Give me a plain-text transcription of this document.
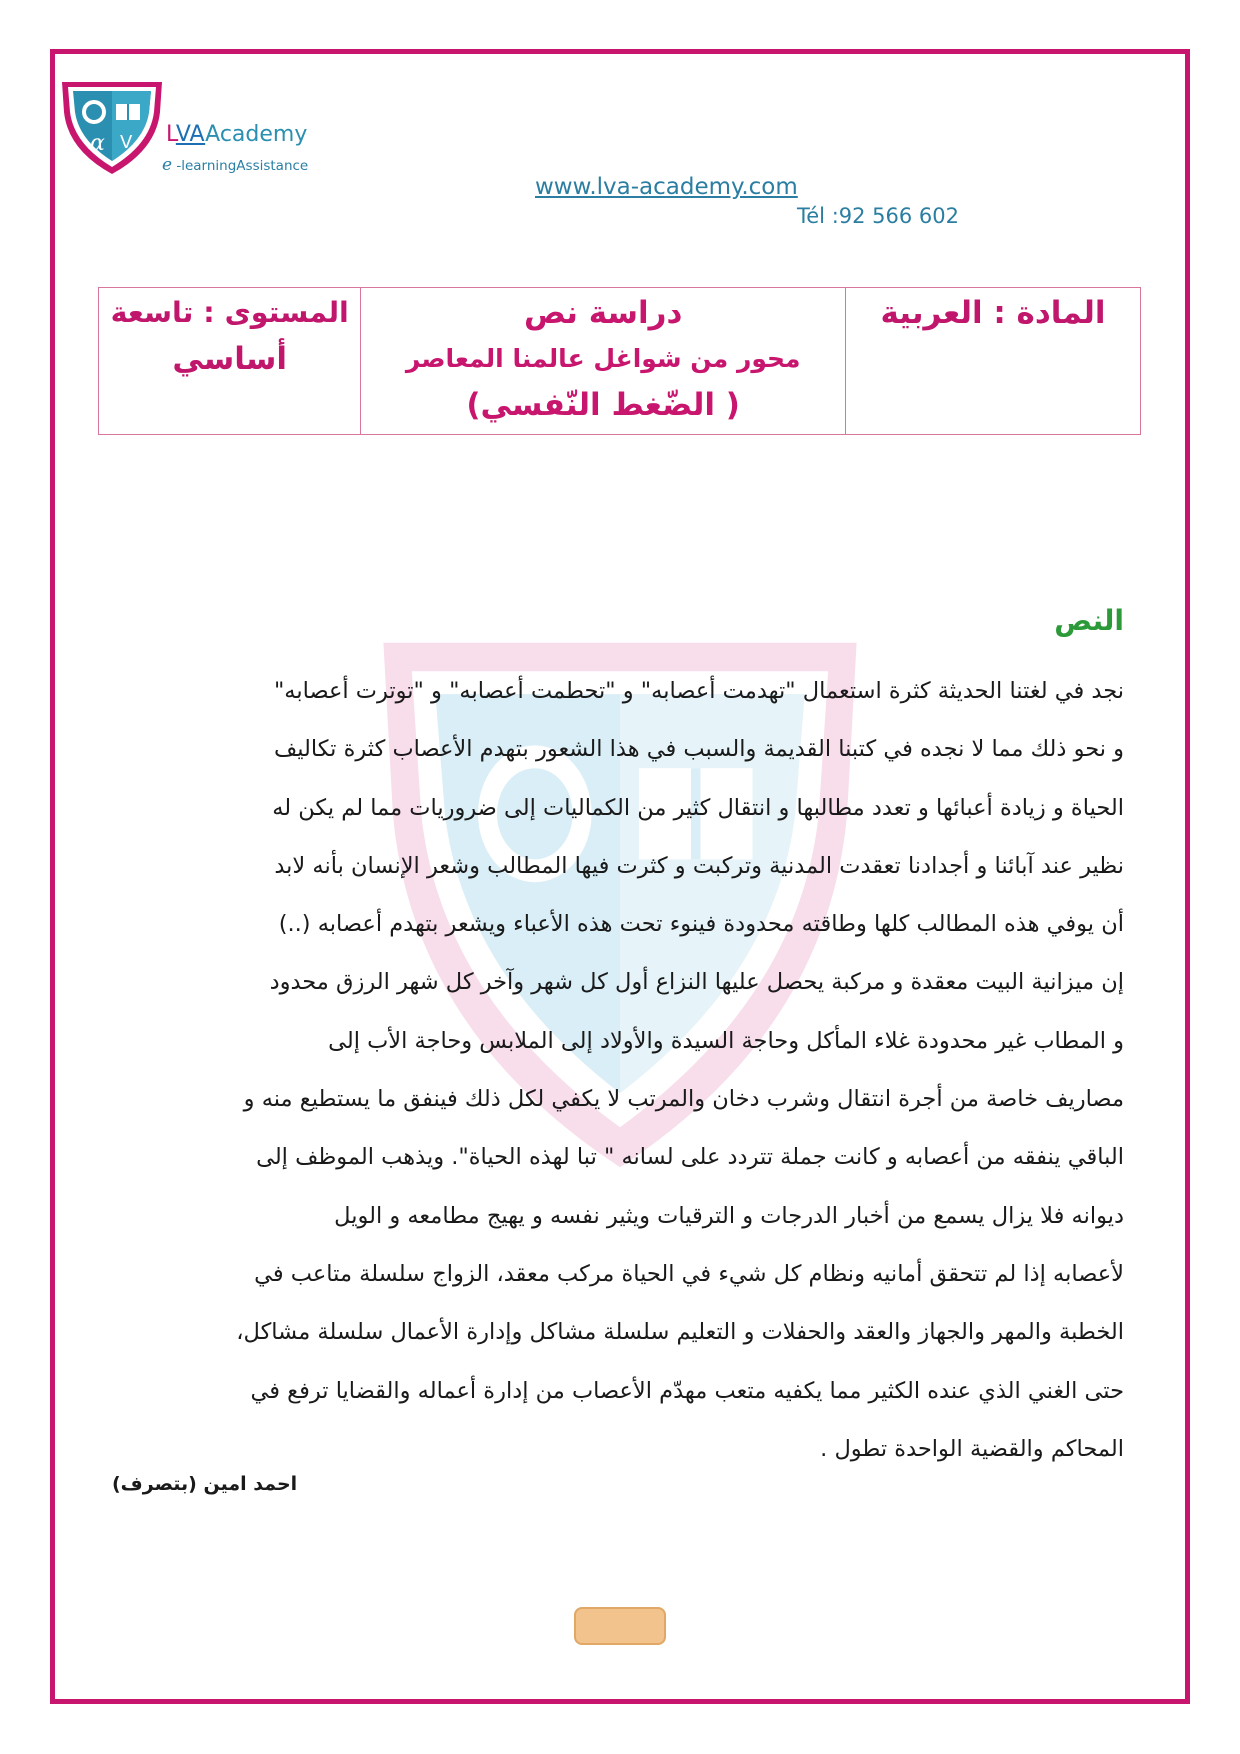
α V LVAAcademy
e -learningAssistance
www.lva-academy.com
Tél :92 566 602
المادة : العربية

دراسة نص
محور من شواغل عالمنا المعاصر
( الضّغط النّفسي)

المستوى : تاسعة
أساسي
النص
نجد في لغتنا الحديثة كثرة استعمال "تهدمت أعصابه" و "تحطمت أعصابه" و "توترت أعصابه"
و نحو ذلك مما لا نجده في كتبنا القديمة والسبب في هذا الشعور بتهدم الأعصاب كثرة تكاليف
الحياة و زيادة أعبائها و تعدد مطالبها و انتقال كثير من الكماليات إلى ضروريات مما لم يكن له
نظير عند آبائنا و أجدادنا تعقدت المدنية وتركبت و كثرت فيها المطالب وشعر الإنسان بأنه لابد
أن يوفي هذه المطالب كلها وطاقته محدودة فينوء تحت هذه الأعباء ويشعر بتهدم أعصابه (..)
إن ميزانية البيت معقدة و مركبة يحصل عليها النزاع أول كل شهر وآخر كل شهر الرزق محدود
و المطاب غير محدودة غلاء المأكل وحاجة السيدة والأولاد إلى الملابس وحاجة الأب إلى
مصاريف خاصة من أجرة انتقال وشرب دخان والمرتب لا يكفي لكل ذلك فينفق ما يستطيع منه و
الباقي ينفقه من أعصابه و كانت جملة تتردد على لسانه " تبا لهذه الحياة". ويذهب الموظف إلى
ديوانه فلا يزال يسمع من أخبار الدرجات و الترقيات ويثير نفسه و يهيج مطامعه و الويل
لأعصابه إذا لم تتحقق أمانيه ونظام كل شيء في الحياة مركب معقد، الزواج سلسلة متاعب في
الخطبة والمهر والجهاز والعقد والحفلات و التعليم سلسلة مشاكل وإدارة الأعمال سلسلة مشاكل،
حتى الغني الذي عنده الكثير مما يكفيه متعب مهدّم الأعصاب من إدارة أعماله والقضايا ترفع في
المحاكم والقضية الواحدة تطول .
احمد امين (بتصرف)
